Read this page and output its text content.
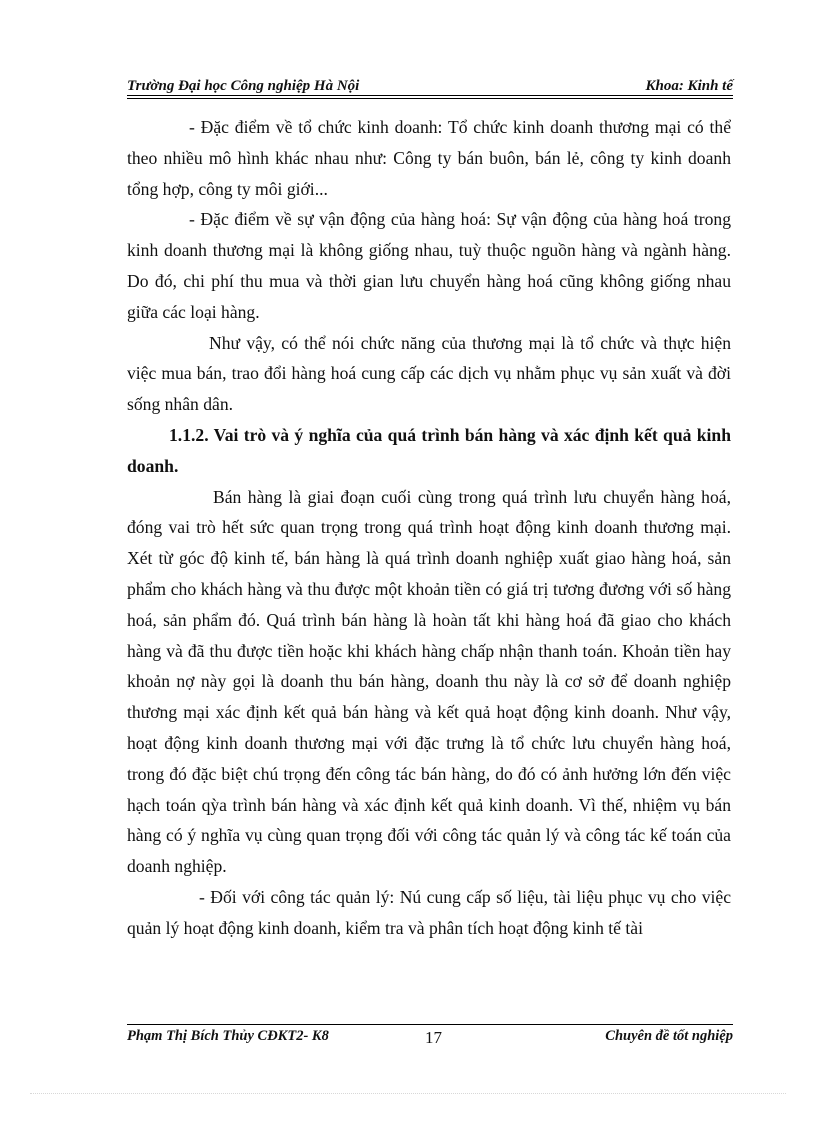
Trường Đại học Công nghiệp Hà Nội	Khoa: Kinh tế

- Đặc điểm về tổ chức kinh doanh: Tổ chức kinh doanh thương mại có thể theo nhiều mô hình khác nhau như: Công ty bán buôn, bán lẻ, công ty kinh doanh tổng hợp, công ty môi giới...

- Đặc điểm về sự vận động của hàng hoá: Sự vận động của hàng hoá trong kinh doanh thương mại là không giống nhau, tuỳ thuộc nguồn hàng và ngành hàng. Do đó, chi phí thu mua và thời gian lưu chuyển hàng hoá cũng không giống nhau giữa các loại hàng.

Như vậy, có thể nói chức năng của thương mại là tổ chức và thực hiện việc mua bán, trao đổi hàng hoá cung cấp các dịch vụ nhằm phục vụ sản xuất và đời sống nhân dân.

1.1.2. Vai trò và ý nghĩa của quá trình bán hàng và xác định kết quả kinh doanh.

Bán hàng là giai đoạn cuối cùng trong quá trình lưu chuyển hàng hoá, đóng vai trò hết sức quan trọng trong quá trình hoạt động kinh doanh thương mại. Xét từ góc độ kinh tế, bán hàng là quá trình doanh nghiệp xuất giao hàng hoá, sản phẩm cho khách hàng và thu được một khoản tiền có giá trị tương đương với số hàng hoá, sản phẩm đó. Quá trình bán hàng là hoàn tất khi hàng hoá đã giao cho khách hàng và đã thu được tiền hoặc khi khách hàng chấp nhận thanh toán. Khoản tiền hay khoản nợ này gọi là doanh thu bán hàng, doanh thu này là cơ sở để doanh nghiệp thương mại xác định kết quả bán hàng và kết quả hoạt động kinh doanh. Như vậy, hoạt động kinh doanh thương mại với đặc trưng là tổ chức lưu chuyển hàng hoá, trong đó đặc biệt chú trọng đến công tác bán hàng, do đó có ảnh hưởng lớn đến việc hạch toán qỳa trình bán hàng và xác định kết quả kinh doanh. Vì thế, nhiệm vụ bán hàng có ý nghĩa vụ cùng quan trọng đối với công tác quản lý và công tác kế toán của doanh nghiệp.

- Đối với công tác quản lý: Nú cung cấp số liệu, tài liệu phục vụ cho việc quản lý hoạt động kinh doanh, kiểm tra và phân tích hoạt động kinh tế tài

Phạm Thị Bích Thủy CĐKT2- K8	17	Chuyên đề tốt nghiệp
